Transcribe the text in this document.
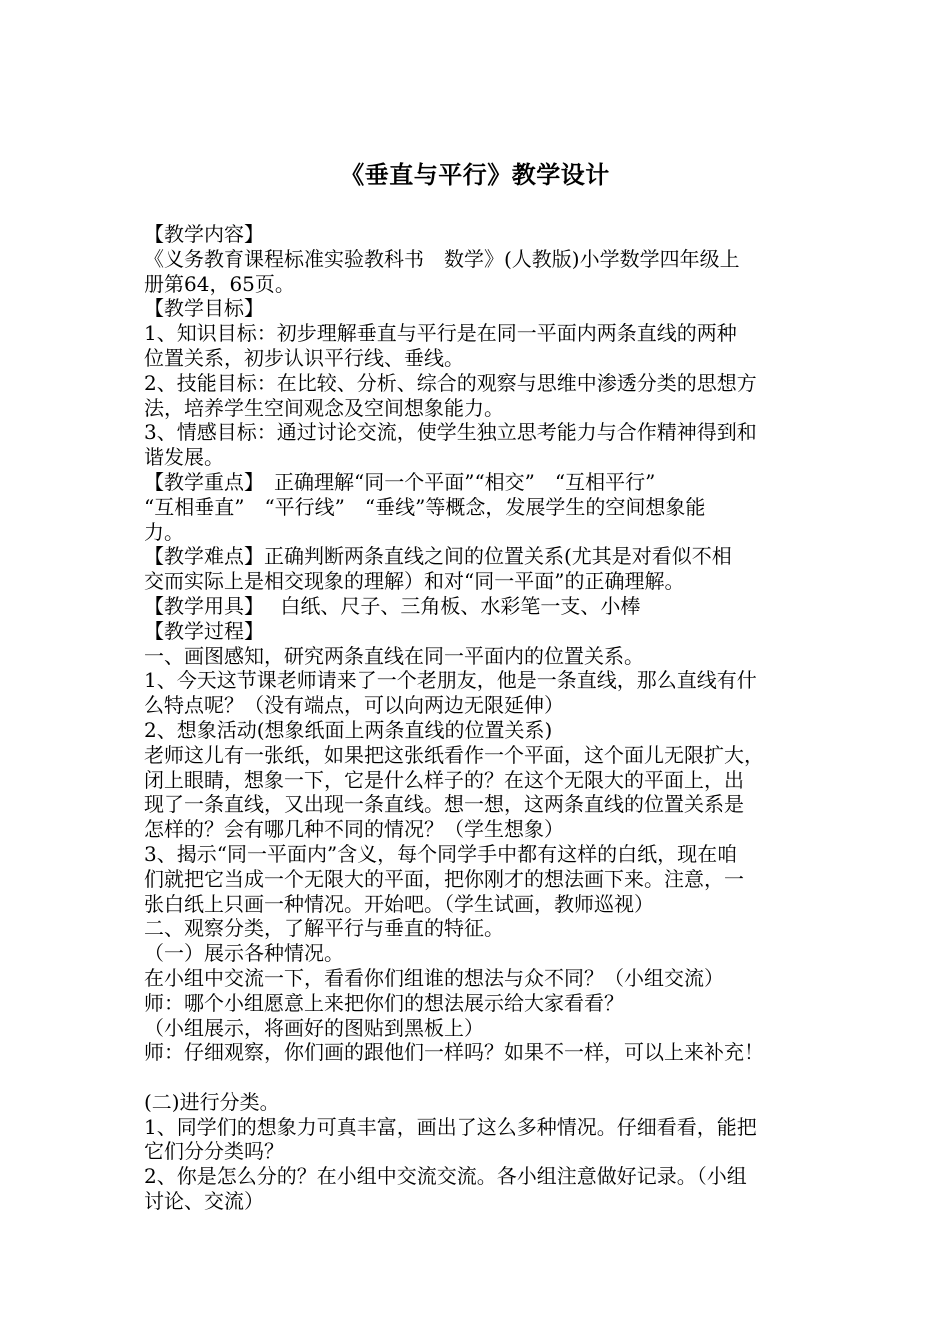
《垂直与平行》教学设计
【教学内容】
《义务教育课程标准实验教科书　数学》(人教版)小学数学四年级上
册第64，65页。
【教学目标】
1、知识目标：初步理解垂直与平行是在同一平面内两条直线的两种
位置关系，初步认识平行线、垂线。
2、技能目标：在比较、分析、综合的观察与思维中渗透分类的思想方
法，培养学生空间观念及空间想象能力。
3、情感目标：通过讨论交流，使学生独立思考能力与合作精神得到和
谐发展。
【教学重点】　正确理解“同一个平面”“相交”　“互相平行”
“互相垂直”　“平行线”　“垂线”等概念，发展学生的空间想象能
力。
【教学难点】正确判断两条直线之间的位置关系(尤其是对看似不相
交而实际上是相交现象的理解）和对“同一平面”的正确理解。
【教学用具】　 白纸、尺子、三角板、水彩笔一支、小棒
【教学过程】
一、画图感知，研究两条直线在同一平面内的位置关系。
1、今天这节课老师请来了一个老朋友，他是一条直线，那么直线有什
么特点呢？（没有端点，可以向两边无限延伸）
2、想象活动(想象纸面上两条直线的位置关系)
老师这儿有一张纸，如果把这张纸看作一个平面，这个面儿无限扩大，
闭上眼睛，想象一下，它是什么样子的？在这个无限大的平面上，出
现了一条直线，又出现一条直线。想一想，这两条直线的位置关系是
怎样的？会有哪几种不同的情况？（学生想象）
3、揭示“同一平面内”含义，每个同学手中都有这样的白纸，现在咱
们就把它当成一个无限大的平面，把你刚才的想法画下来。注意，一
张白纸上只画一种情况。开始吧。（学生试画，教师巡视）
二、观察分类，了解平行与垂直的特征。
（一）展示各种情况。
在小组中交流一下，看看你们组谁的想法与众不同？（小组交流）
师：哪个小组愿意上来把你们的想法展示给大家看看？
（小组展示，将画好的图贴到黑板上）
师：仔细观察，你们画的跟他们一样吗？如果不一样，可以上来补充！
(二)进行分类。
1、同学们的想象力可真丰富，画出了这么多种情况。仔细看看，能把
它们分分类吗？
2、你是怎么分的？在小组中交流交流。各小组注意做好记录。（小组
讨论、交流）
